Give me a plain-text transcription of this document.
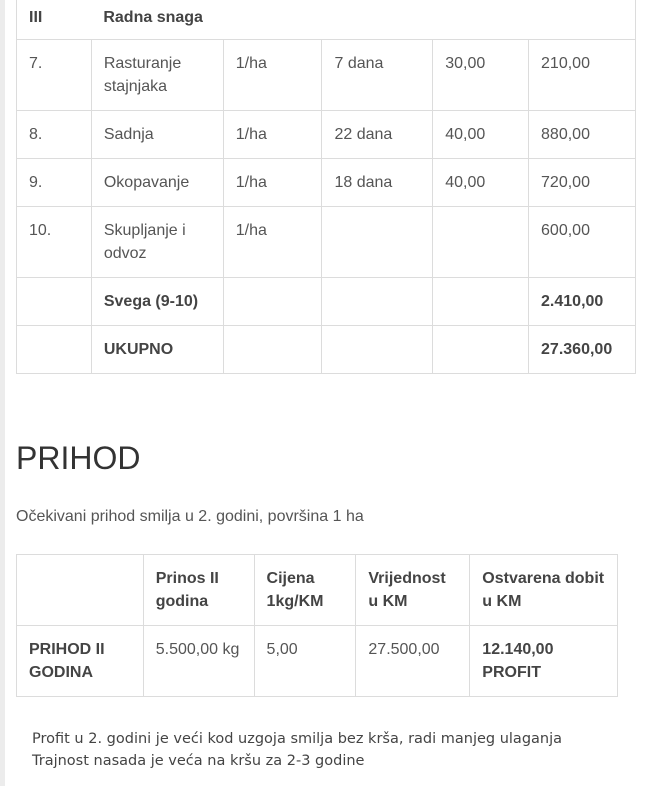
III	Radna snaga				
7.	Rasturanje stajnjaka	1/ha	7 dana	30,00	210,00
8.	Sadnja	1/ha	22 dana	40,00	880,00
9.	Okopavanje	1/ha	18 dana	40,00	720,00
10.	Skupljanje i odvoz	1/ha			600,00
	Svega (9-10)				2.410,00
	UKUPNO				27.360,00
PRIHOD

Očekivani prihod smilja u 2. godini, površina 1 ha

	Prinos II godina	Cijena 1kg/KM	Vrijednost u KM	Ostvarena dobit u KM
PRIHOD II GODINA	5.500,00 kg	5,00	27.500,00	12.140,00 PROFIT
Profit u 2. godini je veći kod uzgoja smilja bez krša, radi manjeg ulaganja
Trajnost nasada je veća na kršu za 2-3 godine
